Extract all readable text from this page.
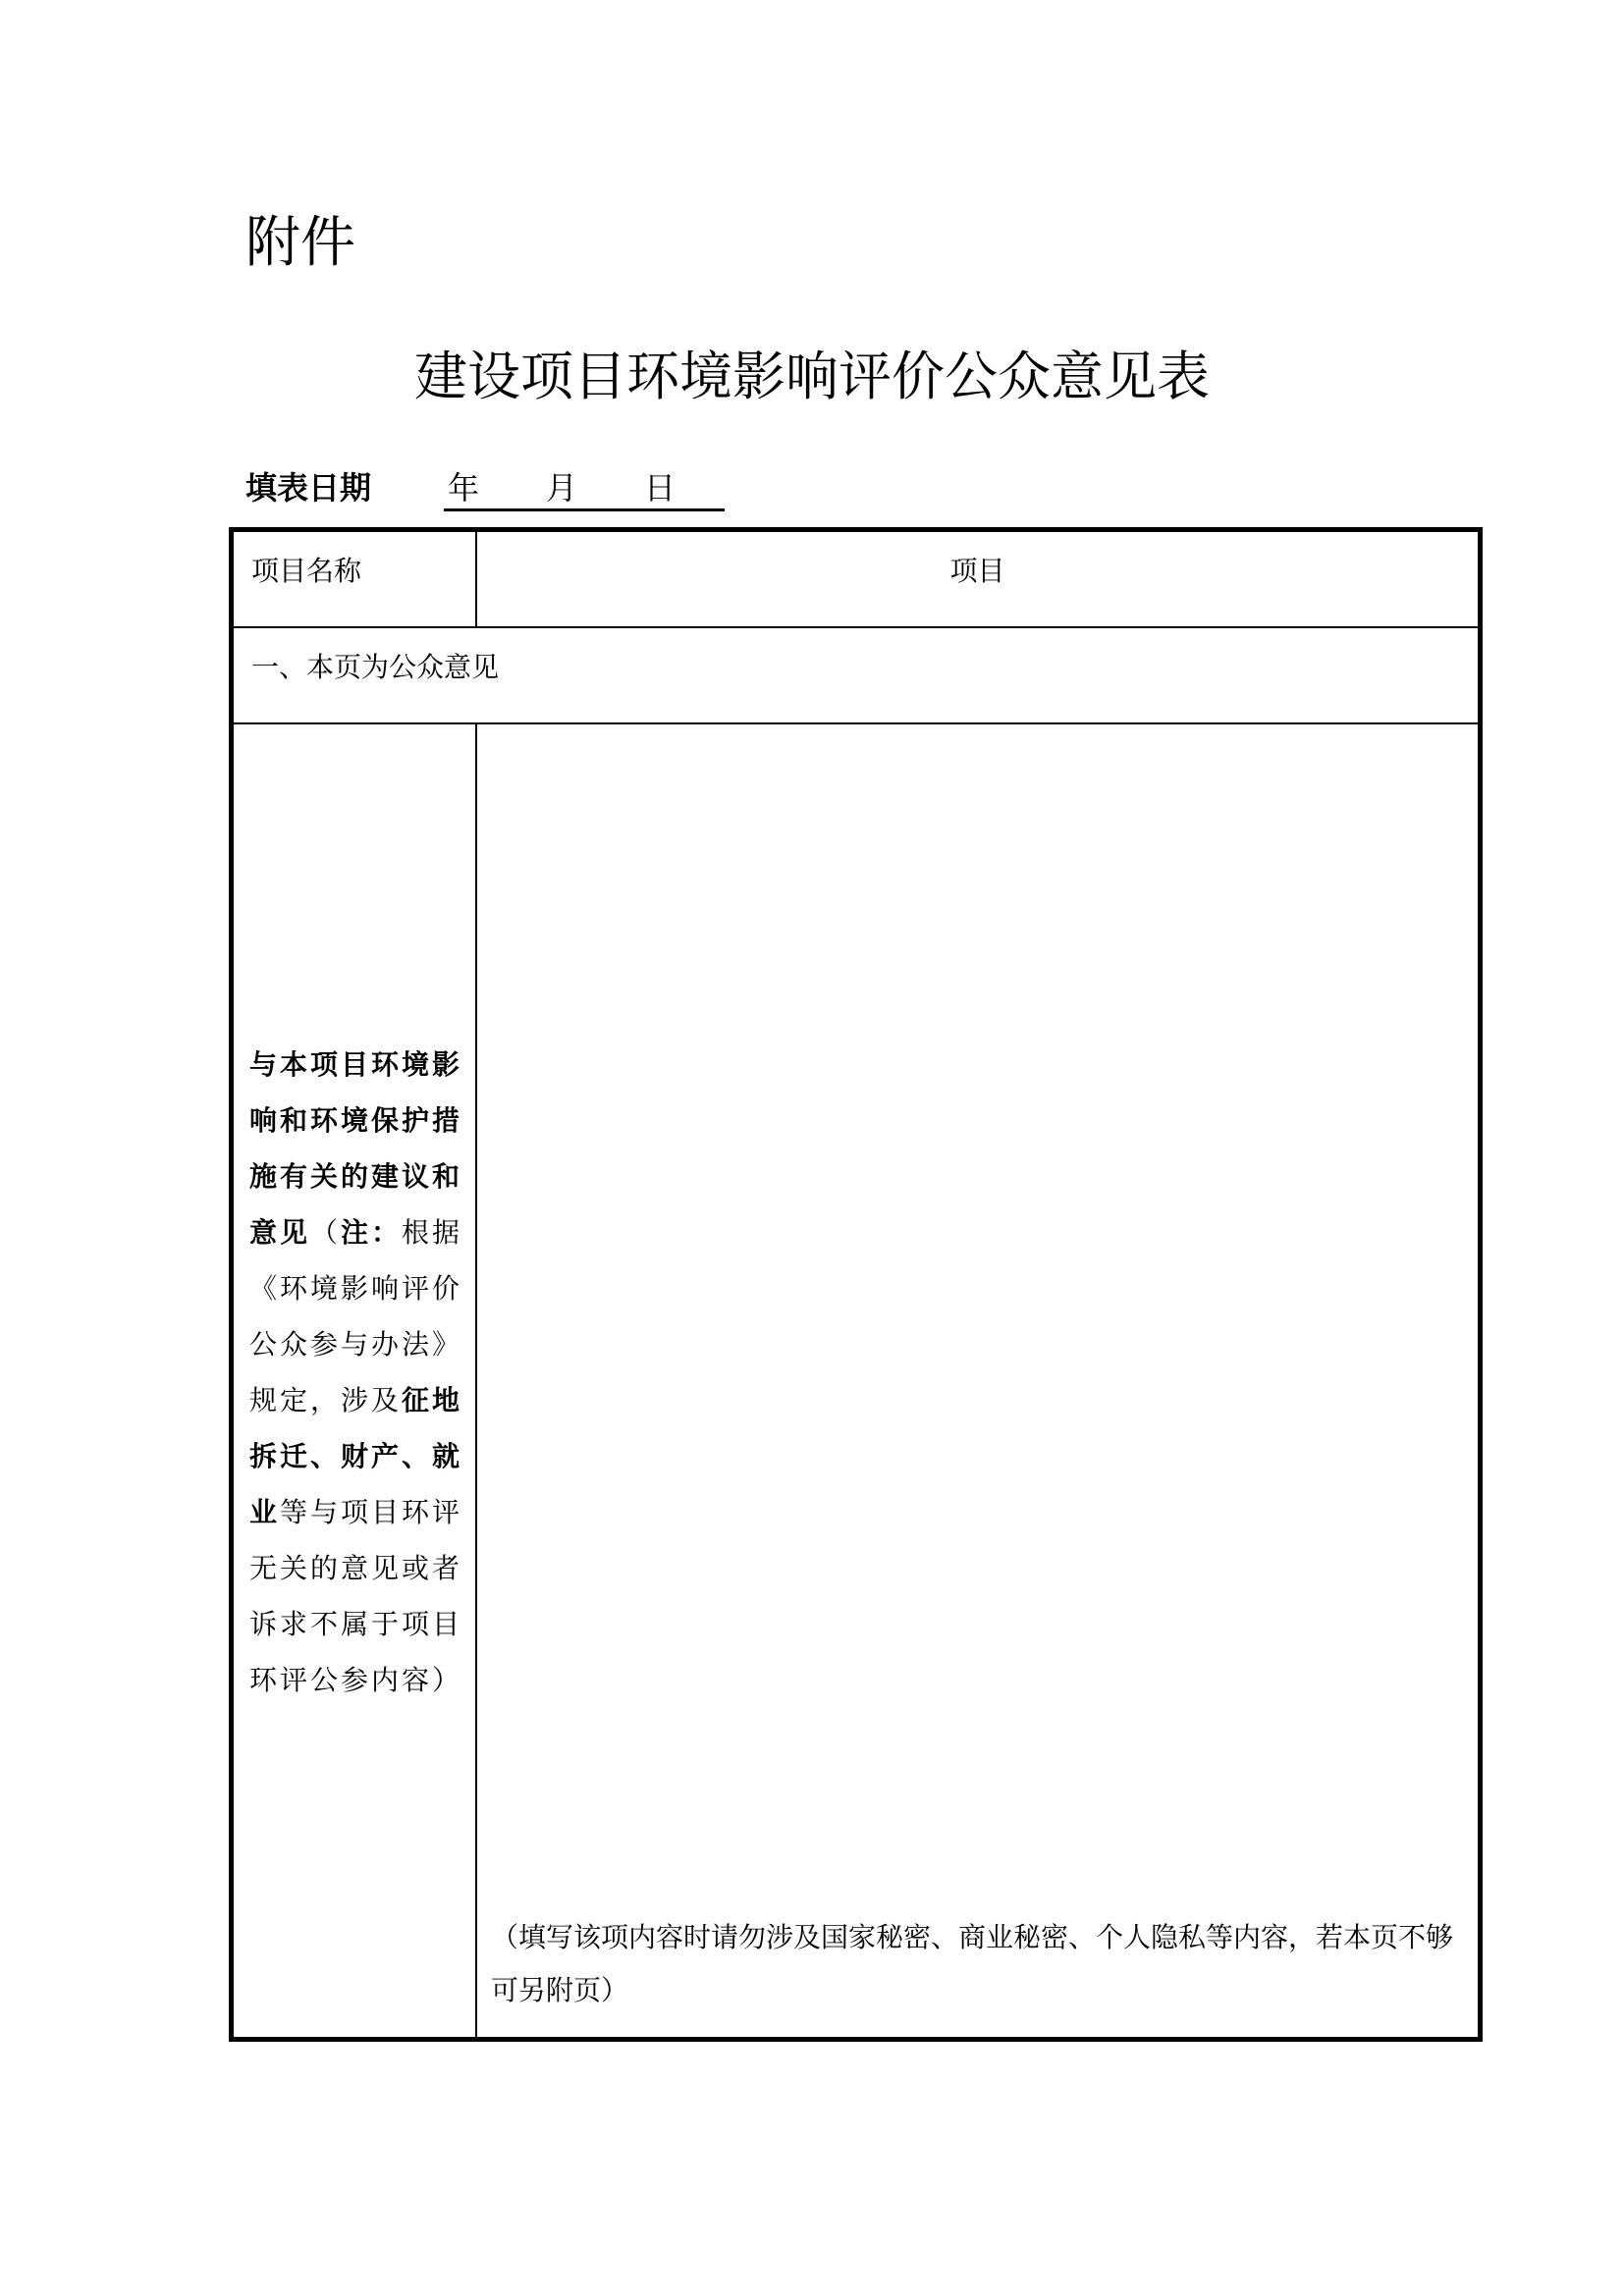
附件
建设项目环境影响评价公众意见表
填表日期 年 月 日
项目名称	项目

一、本页为公众意见	

与本项目环境影响和环境保护措施有关的建议和意见（注：根据《环境影响评价公众参与办法》规定，涉及征地拆迁、财产、就业等与项目环评无关的意见或者诉求不属于项目环评公参内容）	（填写该项内容时请勿涉及国家秘密、商业秘密、个人隐私等内容，若本页不够可另附页）
